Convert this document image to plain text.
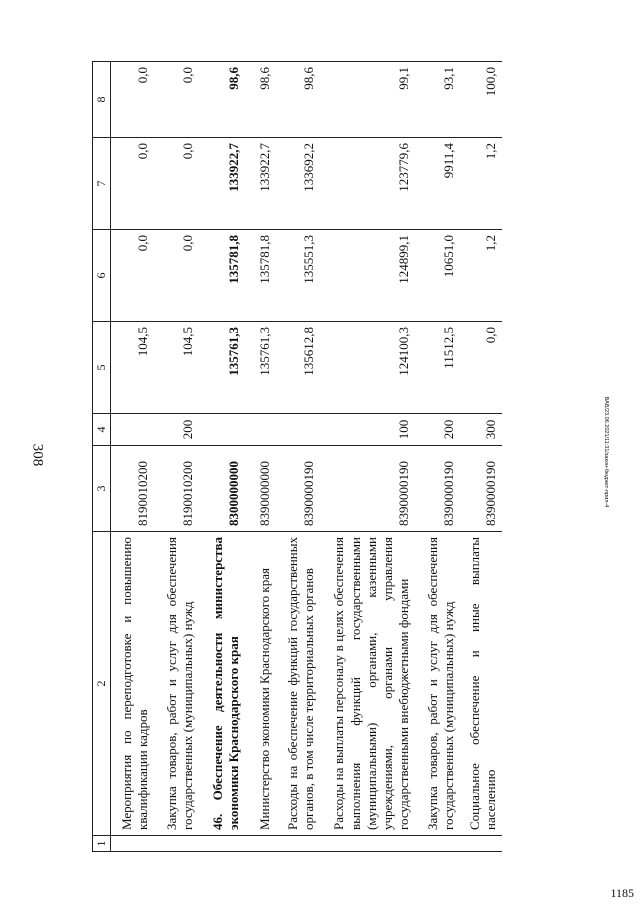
308	ВАВ/23.06.2021/11:31/закон-бюджет-прил-4
1185
1	2	3	4	5	6	7	8
	Мероприятия по переподготовке и повышению квалификации кадров	8190010200		104,5	0,0	0,0	0,0
	Закупка товаров, работ и услуг для обеспечения государственных (муниципальных) нужд	8190010200	200	104,5	0,0	0,0	0,0
	46. Обеспечение деятельности министерства экономики Краснодарского края	8300000000		135761,3	135781,8	133922,7	98,6
	Министерство экономики Краснодарского края	8390000000		135761,3	135781,8	133922,7	98,6
	Расходы на обеспечение функций государственных органов, в том числе территориальных органов	8390000190		135612,8	135551,3	133692,2	98,6
	Расходы на выплаты персоналу в целях обеспечения выполнения функций государственными (муниципальными) органами, казенными учреждениями, органами управления государственными внебюджетными фондами	8390000190	100	124100,3	124899,1	123779,6	99,1
	Закупка товаров, работ и услуг для обеспечения государственных (муниципальных) нужд	8390000190	200	11512,5	10651,0	9911,4	93,1
	Социальное обеспечение и иные выплаты населению	8390000190	300	0,0	1,2	1,2	100,0
